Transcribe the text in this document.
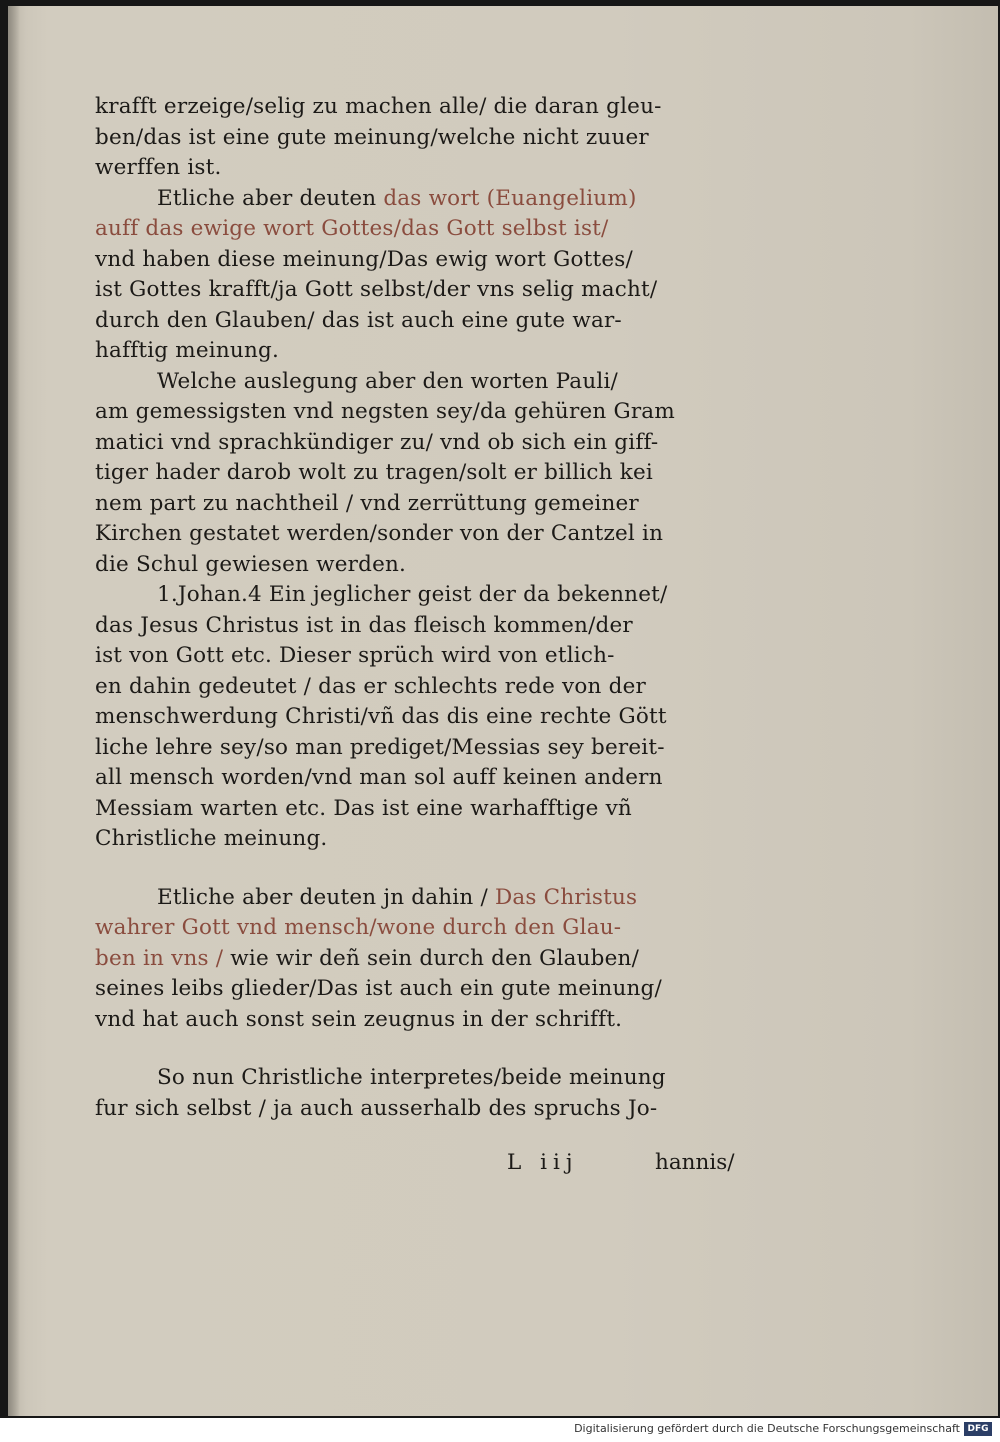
krafft erzeige/selig zu machen alle/ die daran gleu-
ben/das ist eine gute meinung/welche nicht zuuer
werffen ist.
Etliche aber deuten das wort (Euangelium)
auff das ewige wort Gottes/das Gott selbst ist/
vnd haben diese meinung/Das ewig wort Gottes/
ist Gottes krafft/ja Gott selbst/der vns selig macht/
durch den Glauben/ das ist auch eine gute war-
hafftig meinung.
Welche auslegung aber den worten Pauli/
am gemessigsten vnd negsten sey/da gehüren Gram
matici vnd sprachkündiger zu/ vnd ob sich ein giff-
tiger hader darob wolt zu tragen/solt er billich kei
nem part zu nachtheil / vnd zerrüttung gemeiner
Kirchen gestatet werden/sonder von der Cantzel in
die Schul gewiesen werden.
1.Johan.4 Ein jeglicher geist der da bekennet/
das Jesus Christus ist in das fleisch kommen/der
ist von Gott etc. Dieser sprüch wird von etlich-
en dahin gedeutet / das er schlechts rede von der
menschwerdung Christi/vñ das dis eine rechte Gött
liche lehre sey/so man prediget/Messias sey bereit-
all mensch worden/vnd man sol auff keinen andern
Messiam warten etc. Das ist eine warhafftige vñ
Christliche meinung.
Etliche aber deuten jn dahin / Das Christus
wahrer Gott vnd mensch/wone durch den Glau-
ben in vns / wie wir deñ sein durch den Glauben/
seines leibs glieder/Das ist auch ein gute meinung/
vnd hat auch sonst sein zeugnus in der schrifft.
So nun Christliche interpretes/beide meinung
fur sich selbst / ja auch ausserhalb des spruchs Jo-
L iij	hannis/
Digitalisierung gefördert durch die Deutsche Forschungsgemeinschaft DFG
